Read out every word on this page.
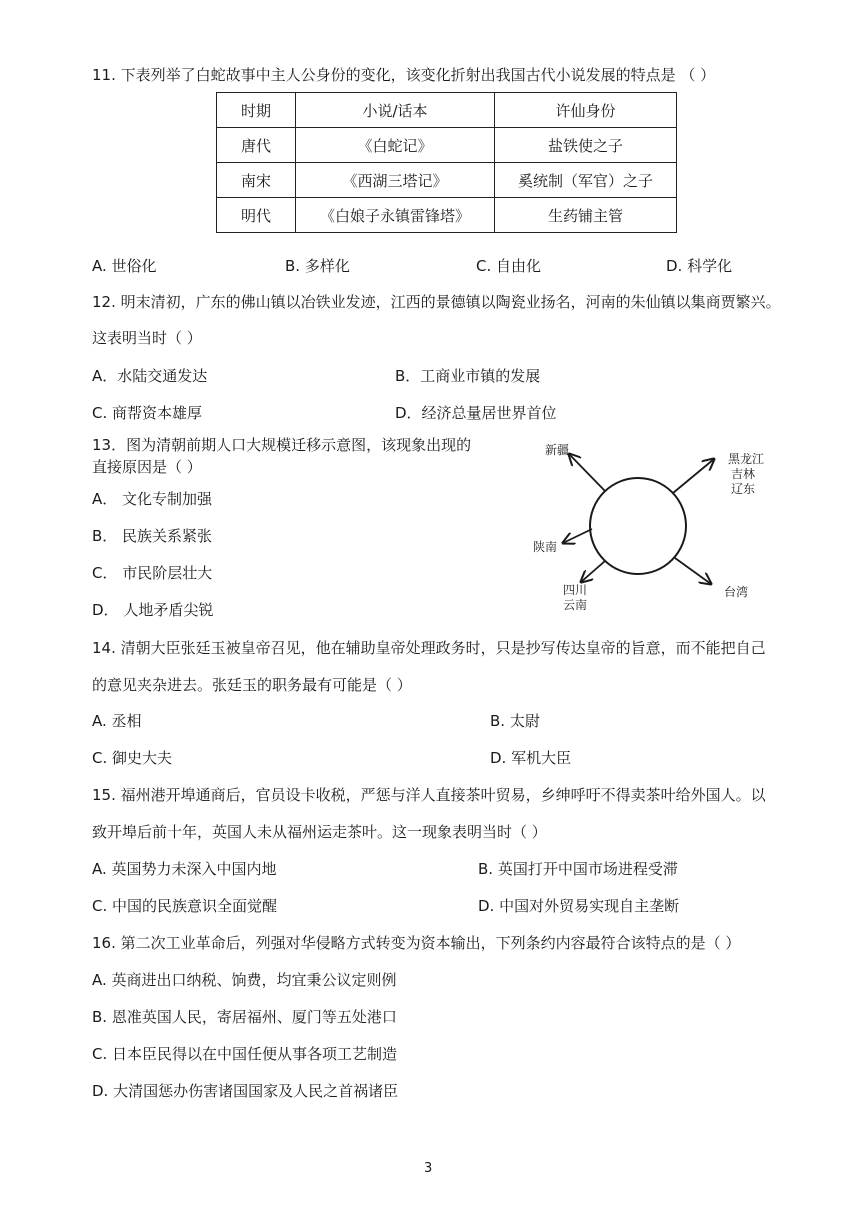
11. 下表列举了白蛇故事中主人公身份的变化，该变化折射出我国古代小说发展的特点是 （ ）
时期	小说/话本	许仙身份
唐代	《白蛇记》	盐铁使之子
南宋	《西湖三塔记》	奚统制（军官）之子
明代	《白娘子永镇雷锋塔》	生药铺主管
A. 世俗化	B. 多样化	C. 自由化	D. 科学化
12. 明末清初，广东的佛山镇以冶铁业发迹，江西的景德镇以陶瓷业扬名，河南的朱仙镇以集商贾繁兴。
这表明当时（ ）
A．水陆交通发达	B．工商业市镇的发展
C. 商帮资本雄厚	D．经济总量居世界首位
13．图为清朝前期人口大规模迁移示意图，该现象出现的
直接原因是（ ）
A． 文化专制加强
B． 民族关系紧张
C． 市民阶层壮大
D． 人地矛盾尖锐
新疆
黑龙江
吉林
辽东
陕南
四川
云南
台湾
14. 清朝大臣张廷玉被皇帝召见，他在辅助皇帝处理政务时，只是抄写传达皇帝的旨意，而不能把自己
的意见夹杂进去。张廷玉的职务最有可能是（ ）
A. 丞相	B. 太尉
C. 御史大夫	D. 军机大臣
15. 福州港开埠通商后，官员设卡收税，严惩与洋人直接茶叶贸易，乡绅呼吁不得卖茶叶给外国人。以
致开埠后前十年，英国人未从福州运走茶叶。这一现象表明当时（ ）
A. 英国势力未深入中国内地	B. 英国打开中国市场进程受滞
C. 中国的民族意识全面觉醒	D. 中国对外贸易实现自主垄断
16. 第二次工业革命后，列强对华侵略方式转变为资本输出，下列条约内容最符合该特点的是（ ）
A. 英商进出口纳税、饷费，均宜秉公议定则例
B. 恩准英国人民，寄居福州、厦门等五处港口
C. 日本臣民得以在中国任便从事各项工艺制造
D. 大清国惩办伤害诸国国家及人民之首祸诸臣
3
